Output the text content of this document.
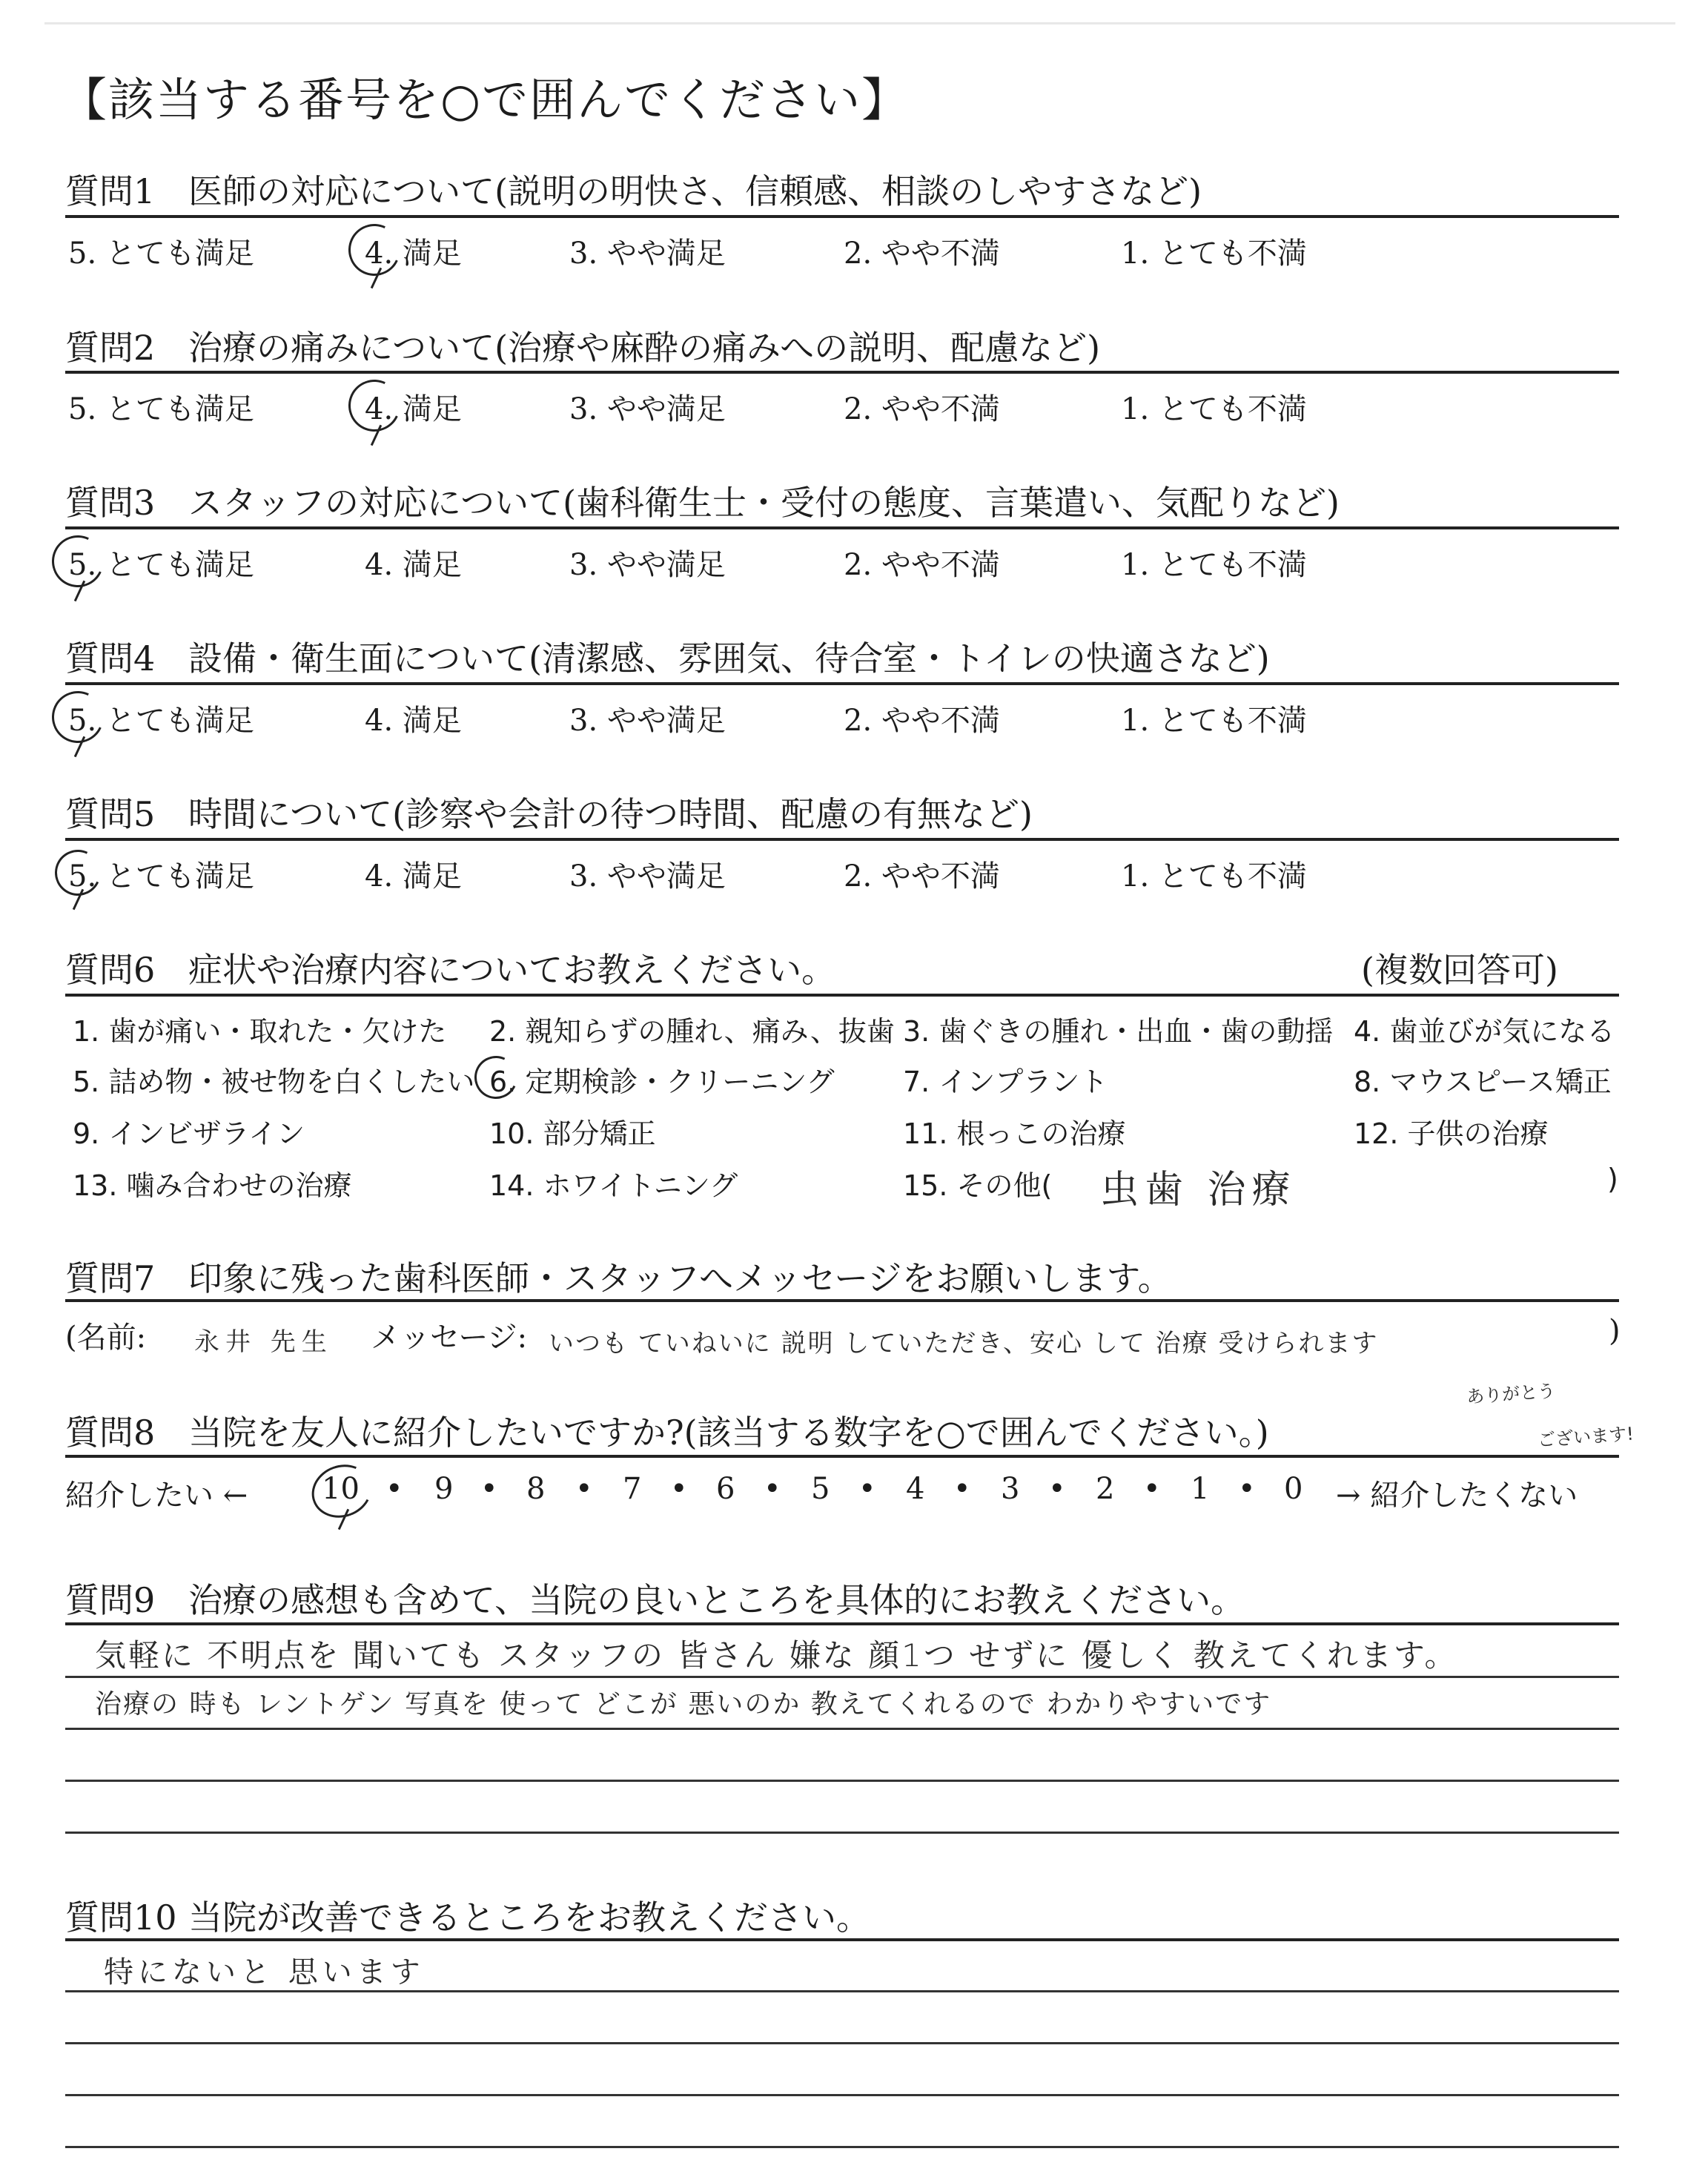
【該当する番号を○で囲んでください】
質問1 医師の対応について(説明の明快さ、信頼感、相談のしやすさなど)
5. とても満足	4. 満足	3. やや満足	2. やや不満	1. とても不満
質問2 治療の痛みについて(治療や麻酔の痛みへの説明、配慮など)
5. とても満足	4. 満足	3. やや満足	2. やや不満	1. とても不満
質問3 スタッフの対応について(歯科衛生士・受付の態度、言葉遣い、気配りなど)
5. とても満足	4. 満足	3. やや満足	2. やや不満	1. とても不満
質問4 設備・衛生面について(清潔感、雰囲気、待合室・トイレの快適さなど)
5. とても満足	4. 満足	3. やや満足	2. やや不満	1. とても不満
質問5 時間について(診察や会計の待つ時間、配慮の有無など)
5. とても満足	4. 満足	3. やや満足	2. やや不満	1. とても不満
質問6 症状や治療内容についてお教えください。	(複数回答可)
1. 歯が痛い・取れた・欠けた 2. 親知らずの腫れ、痛み、抜歯 3. 歯ぐきの腫れ・出血・歯の動揺 4. 歯並びが気になる
5. 詰め物・被せ物を白くしたい 6. 定期検診・クリーニング 7. インプラント	8. マウスピース矯正
9. インビザライン	10. 部分矯正	11. 根っこの治療	12. 子供の治療
13. 噛み合わせの治療	14. ホワイトニング	15. その他(	)
虫歯 治療
質問7 印象に残った歯科医師・スタッフへメッセージをお願いします。
(名前: 永井 先生 メッセージ: いつも ていねいに 説明 していただき、安心 して 治療 受けられます	)
ありがとう
ございます!
質問8 当院を友人に紹介したいですか?(該当する数字を○で囲んでください。)
紹介したい ← 10 • 9 • 8 • 7 • 6 • 5 • 4 • 3 • 2 • 1 • 0 → 紹介したくない
質問9 治療の感想も含めて、当院の良いところを具体的にお教えください。
気軽に 不明点を 聞いても スタッフの 皆さん 嫌な 顔1つ せずに 優しく 教えてくれます。
治療の 時も レントゲン 写真を 使って どこが 悪いのか 教えてくれるので わかりやすいです
質問10 当院が改善できるところをお教えください。
特にないと 思います
